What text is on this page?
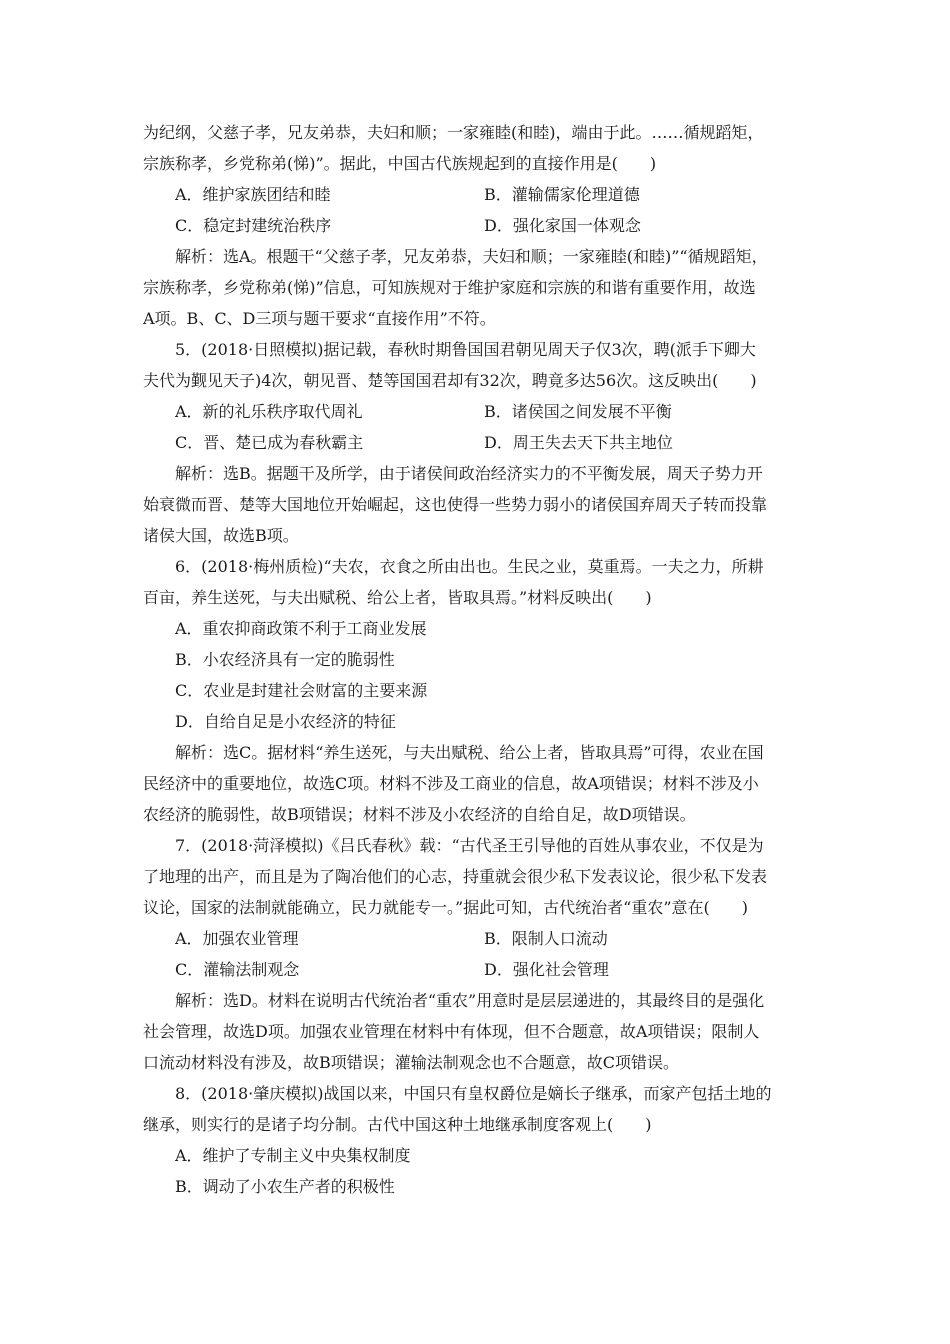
为纪纲，父慈子孝，兄友弟恭，夫妇和顺；一家雍睦(和睦)，端由于此。……循规蹈矩，
宗族称孝，乡党称弟(悌)”。据此，中国古代族规起到的直接作用是(　　)
A．维护家族团结和睦	B．灌输儒家伦理道德
C．稳定封建统治秩序	D．强化家国一体观念
解析：选A。根题干“父慈子孝，兄友弟恭，夫妇和顺；一家雍睦(和睦)”“循规蹈矩，
宗族称孝，乡党称弟(悌)”信息，可知族规对于维护家庭和宗族的和谐有重要作用，故选
A项。B、C、D三项与题干要求“直接作用”不符。
5．(2018·日照模拟)据记载，春秋时期鲁国国君朝见周天子仅3次，聘(派手下卿大
夫代为觐见天子)4次，朝见晋、楚等国国君却有32次，聘竟多达56次。这反映出(　　)
A．新的礼乐秩序取代周礼	B．诸侯国之间发展不平衡
C．晋、楚已成为春秋霸主	D．周王失去天下共主地位
解析：选B。据题干及所学，由于诸侯间政治经济实力的不平衡发展，周天子势力开
始衰微而晋、楚等大国地位开始崛起，这也使得一些势力弱小的诸侯国弃周天子转而投靠
诸侯大国，故选B项。
6．(2018·梅州质检)“夫农，衣食之所由出也。生民之业，莫重焉。一夫之力，所耕
百亩，养生送死，与夫出赋税、给公上者，皆取具焉。”材料反映出(　　)
A．重农抑商政策不利于工商业发展
B．小农经济具有一定的脆弱性
C．农业是封建社会财富的主要来源
D．自给自足是小农经济的特征
解析：选C。据材料“养生送死，与夫出赋税、给公上者，皆取具焉”可得，农业在国
民经济中的重要地位，故选C项。材料不涉及工商业的信息，故A项错误；材料不涉及小
农经济的脆弱性，故B项错误；材料不涉及小农经济的自给自足，故D项错误。
7．(2018·菏泽模拟)《吕氏春秋》载：“古代圣王引导他的百姓从事农业，不仅是为
了地理的出产，而且是为了陶冶他们的心志，持重就会很少私下发表议论，很少私下发表
议论，国家的法制就能确立，民力就能专一。”据此可知，古代统治者“重农”意在(　　)
A．加强农业管理	B．限制人口流动
C．灌输法制观念	D．强化社会管理
解析：选D。材料在说明古代统治者“重农”用意时是层层递进的，其最终目的是强化
社会管理，故选D项。加强农业管理在材料中有体现，但不合题意，故A项错误；限制人
口流动材料没有涉及，故B项错误；灌输法制观念也不合题意，故C项错误。
8．(2018·肇庆模拟)战国以来，中国只有皇权爵位是嫡长子继承，而家产包括土地的
继承，则实行的是诸子均分制。古代中国这种土地继承制度客观上(　　)
A．维护了专制主义中央集权制度
B．调动了小农生产者的积极性
